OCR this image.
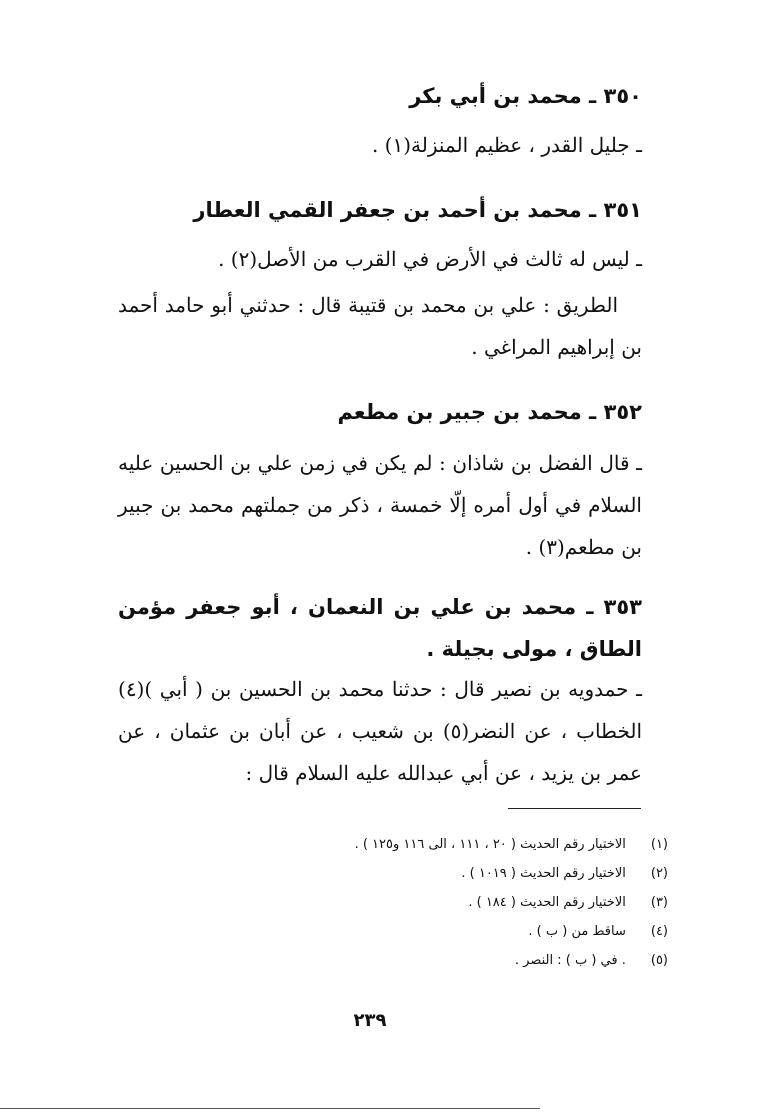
٣٥٠ ـ محمد بن أبي بكر
ـ جليل القدر ، عظيم المنزلة(١) .
٣٥١ ـ محمد بن أحمد بن جعفر القمي العطار
ـ ليس له ثالث في الأرض في القرب من الأصل(٢) .
الطريق : علي بن محمد بن قتيبة قال : حدثني أبو حامد أحمد بن إبراهيم المراغي .
٣٥٢ ـ محمد بن جبير بن مطعم
ـ قال الفضل بن شاذان : لم يكن في زمن علي بن الحسين عليه السلام في أول أمره إلّا خمسة ، ذكر من جملتهم محمد بن جبير بن مطعم(٣) .
٣٥٣ ـ محمد بن علي بن النعمان ، أبو جعفر مؤمن الطاق ، مولى بجيلة .
ـ حمدويه بن نصير قال : حدثنا محمد بن الحسين بن ( أبي )(٤) الخطاب ، عن النضر(٥) بن شعيب ، عن أبان بن عثمان ، عن عمر بن يزيد ، عن أبي عبدالله عليه السلام قال :
(١) الاختيار رقم الحديث ( ٢٠ ، ١١١ ، الى ١١٦ و١٢٥ ) .
(٢) الاختيار رقم الحديث ( ١٠١٩ ) .
(٣) الاختيار رقم الحديث ( ١٨٤ ) .
(٤) ساقط من ( ب ) .
(٥) . في ( ب ) : النصر .
٢٣٩
